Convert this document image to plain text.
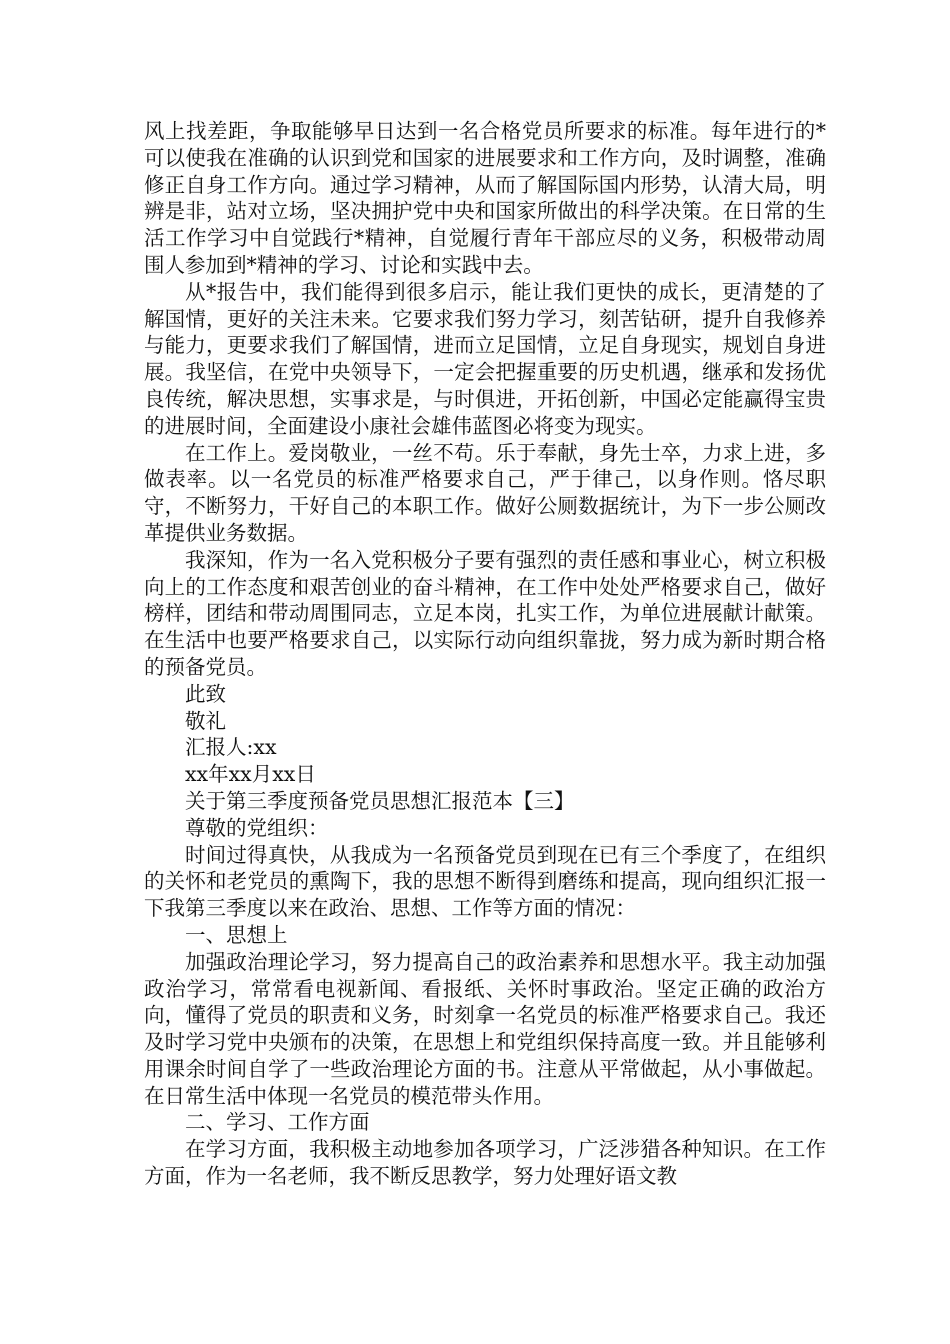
风上找差距，争取能够早日达到一名合格党员所要求的标准。每年进行的*可以使我在准确的认识到党和国家的进展要求和工作方向，及时调整，准确修正自身工作方向。通过学习精神，从而了解国际国内形势，认清大局，明辨是非，站对立场，坚决拥护党中央和国家所做出的科学决策。在日常的生活工作学习中自觉践行*精神，自觉履行青年干部应尽的义务，积极带动周围人参加到*精神的学习、讨论和实践中去。

从*报告中，我们能得到很多启示，能让我们更快的成长，更清楚的了解国情，更好的关注未来。它要求我们努力学习，刻苦钻研，提升自我修养与能力，更要求我们了解国情，进而立足国情，立足自身现实，规划自身进展。我坚信，在党中央领导下，一定会把握重要的历史机遇，继承和发扬优良传统，解决思想，实事求是，与时俱进，开拓创新，中国必定能赢得宝贵的进展时间，全面建设小康社会雄伟蓝图必将变为现实。

在工作上。爱岗敬业，一丝不苟。乐于奉献，身先士卒，力求上进，多做表率。以一名党员的标准严格要求自己，严于律己，以身作则。恪尽职守，不断努力，干好自己的本职工作。做好公厕数据统计，为下一步公厕改革提供业务数据。

我深知，作为一名入党积极分子要有强烈的责任感和事业心，树立积极向上的工作态度和艰苦创业的奋斗精神，在工作中处处严格要求自己，做好榜样，团结和带动周围同志，立足本岗，扎实工作，为单位进展献计献策。在生活中也要严格要求自己，以实际行动向组织靠拢，努力成为新时期合格的预备党员。

此致

敬礼

汇报人:xx

xx年xx月xx日

关于第三季度预备党员思想汇报范本【三】

尊敬的党组织：

时间过得真快，从我成为一名预备党员到现在已有三个季度了，在组织的关怀和老党员的熏陶下，我的思想不断得到磨练和提高，现向组织汇报一下我第三季度以来在政治、思想、工作等方面的情况：

一、思想上

加强政治理论学习，努力提高自己的政治素养和思想水平。我主动加强政治学习，常常看电视新闻、看报纸、关怀时事政治。坚定正确的政治方向，懂得了党员的职责和义务，时刻拿一名党员的标准严格要求自己。我还及时学习党中央颁布的决策，在思想上和党组织保持高度一致。并且能够利用课余时间自学了一些政治理论方面的书。注意从平常做起，从小事做起。在日常生活中体现一名党员的模范带头作用。

二、学习、工作方面

在学习方面，我积极主动地参加各项学习，广泛涉猎各种知识。在工作方面，作为一名老师，我不断反思教学，努力处理好语文教
